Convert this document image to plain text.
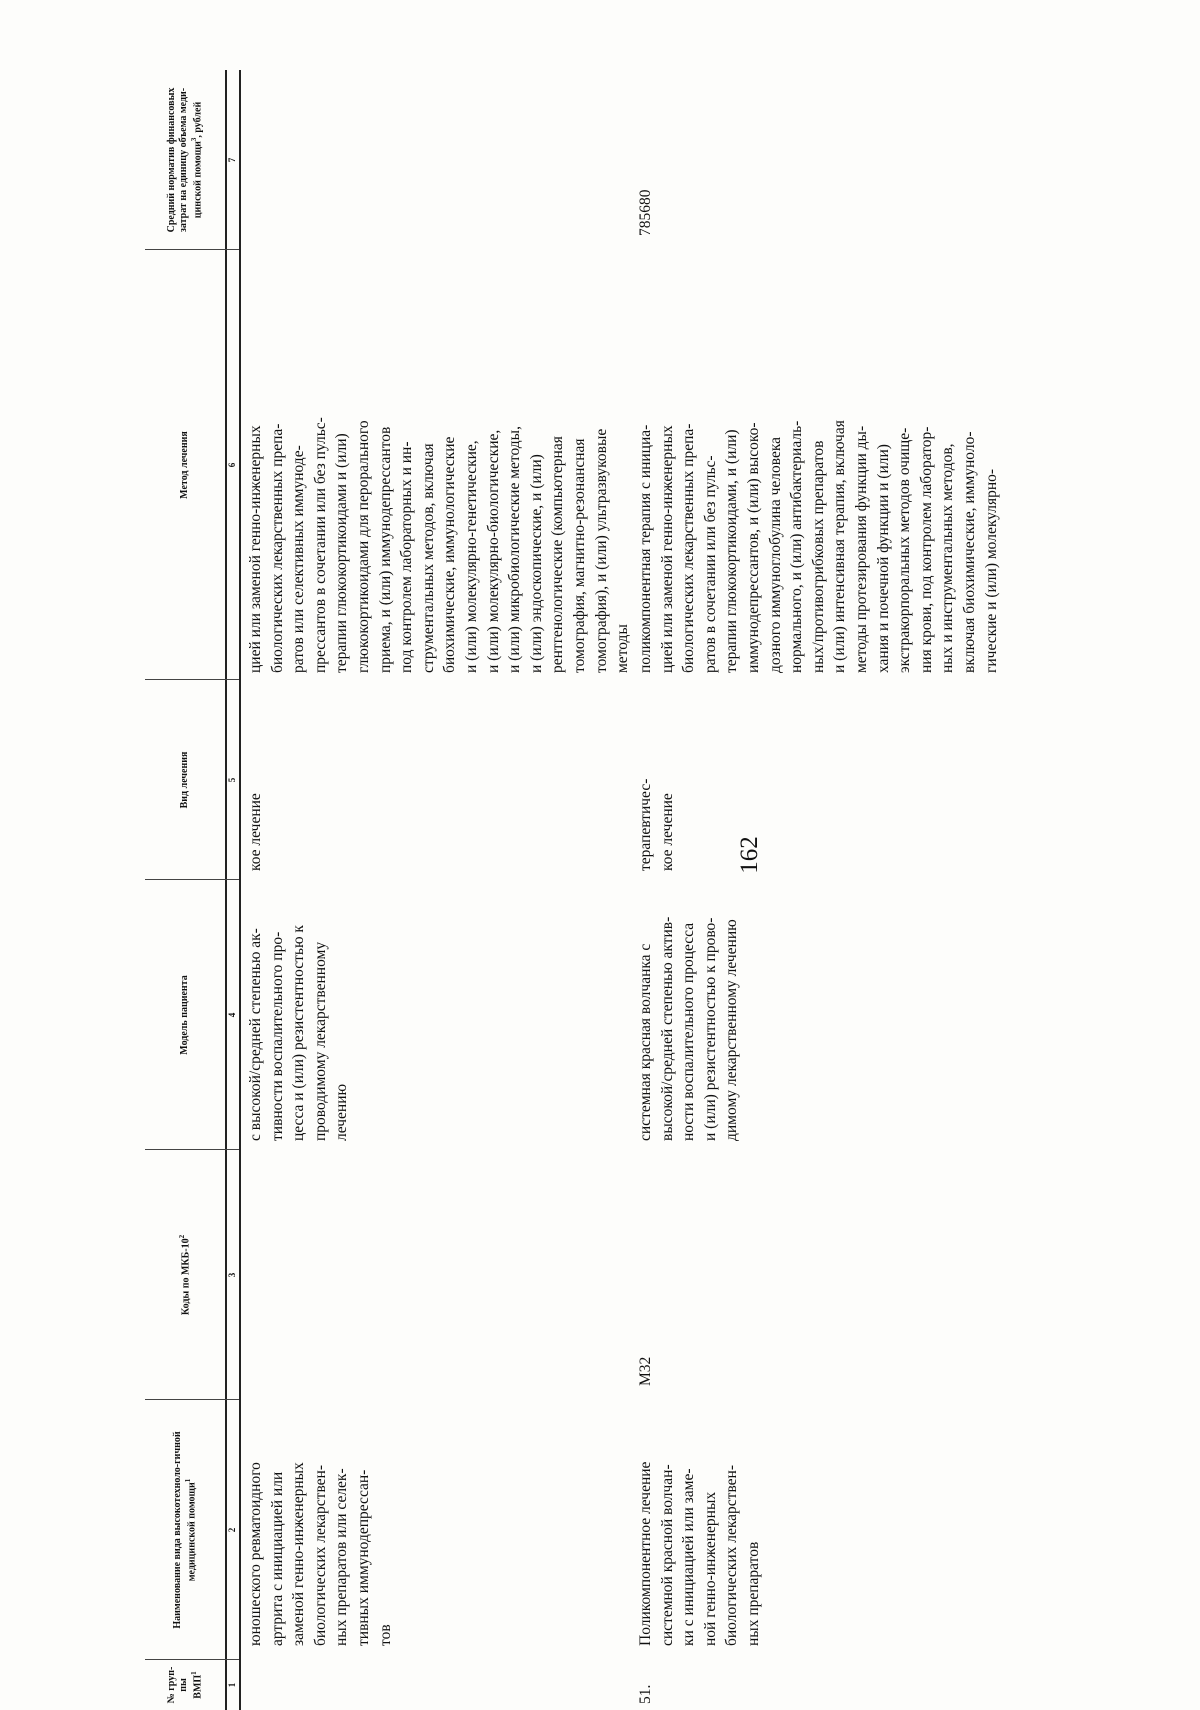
162
№ груп-пы ВМП$^1$
Наименование вида высокотехноло-гичной медицинской помощи$^1$
Коды по МКБ-$10^2$
Модель пациента
Вид лечения
Метод лечения
Средний норматив финансовых затрат на единицу объема меди-цинской помощи$^3$, рублей
1
2
3
4
5
6
7
юношеского ревматоидного
артрита с инициацией или
заменой генно-инженерных
биологических лекарствен-
ных препаратов или селек-
тивных иммунодепрессан-
тов
с высокой/средней степенью ак-
тивности воспалительного про-
цесса и (или) резистентностью к
проводимому лекарственному
лечению
кое лечение
цией или заменой генно-инженерных
биологических лекарственных препа-
ратов или селективных иммуноде-
прессантов в сочетании или без пульс-
терапии глюкокортикоидами и (или)
глюкокортикоидами для перорального
приема, и (или) иммунодепрессантов
под контролем лабораторных и ин-
струментальных методов, включая
биохимические, иммунологические
и (или) молекулярно-генетические,
и (или) молекулярно-биологические,
и (или) микробиологические методы,
и (или) эндоскопические, и (или)
рентгенологические (компьютерная
томография, магнитно-резонансная
томография), и (или) ультразвуковые
методы
51.
Поликомпонентное лечение
системной красной волчан-
ки с инициацией или заме-
ной генно-инженерных
биологических лекарствен-
ных препаратов
M32
системная красная волчанка с
высокой/средней степенью актив-
ности воспалительного процесса
и (или) резистентностью к прово-
димому лекарственному лечению
терапевтичес-
кое лечение
поликомпонентная терапия с инициа-
цией или заменой генно-инженерных
биологических лекарственных препа-
ратов в сочетании или без пульс-
терапии глюкокортикоидами, и (или)
иммунодепрессантов, и (или) высоко-
дозного иммуноглобулина человека
нормального, и (или) антибактериаль-
ных/противогрибковых препаратов
и (или) интенсивная терапия, включая
методы протезирования функции ды-
хания и почечной функции и (или)
экстракорпоральных методов очище-
ния крови, под контролем лаборатор-
ных и инструментальных методов,
включая биохимические, иммуноло-
гические и (или) молекулярно-
785680
